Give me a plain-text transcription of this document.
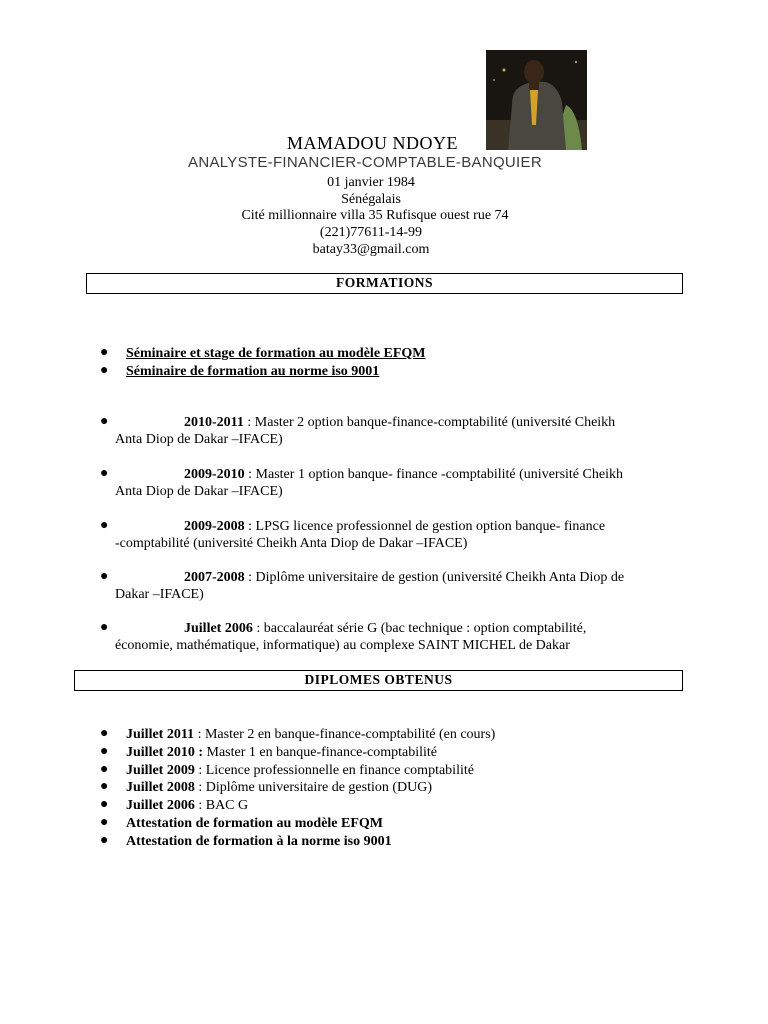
MAMADOU NDOYE
ANALYSTE-FINANCIER-COMPTABLE-BANQUIER
01 janvier 1984
Sénégalais
Cité millionnaire villa 35 Rufisque ouest rue 74
(221)77611-14-99
batay33@gmail.com
FORMATIONS
● Séminaire et stage de formation au modèle EFQM
● Séminaire de formation au norme iso 9001
●	2010-2011 : Master 2 option banque-finance-comptabilité (université Cheikh
Anta Diop de Dakar –IFACE)
●	2009-2010 : Master 1 option banque- finance -comptabilité (université Cheikh
Anta Diop de Dakar –IFACE)
●	2009-2008 : LPSG licence professionnel de gestion option banque- finance
-comptabilité (université Cheikh Anta Diop de Dakar –IFACE)
●	2007-2008 : Diplôme universitaire de gestion (université Cheikh Anta Diop de
Dakar –IFACE)
●	Juillet 2006 : baccalauréat série G (bac technique : option comptabilité,
économie, mathématique, informatique) au complexe SAINT MICHEL de Dakar
DIPLOMES OBTENUS
● Juillet 2011 : Master 2 en banque-finance-comptabilité (en cours)
● Juillet 2010 : Master 1 en banque-finance-comptabilité
● Juillet 2009 : Licence professionnelle en finance comptabilité
● Juillet 2008 : Diplôme universitaire de gestion (DUG)
● Juillet 2006 : BAC G
● Attestation de formation au modèle EFQM
● Attestation de formation à la norme iso 9001
